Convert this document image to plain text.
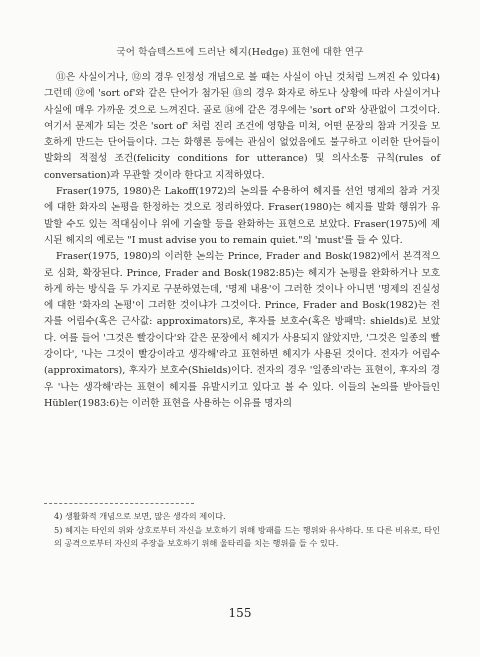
국어 학습텍스트에 드러난 헤지(Hedge) 표현에 대한 연구

⑪은 사실이거나, ⑫의 경우 인정성 개념으로 볼 때는 사실이 아닌 것처럼 느껴진 수 있다4) 그런데 ⑫에 'sort of'와 같은 단어가 첨가된 ⑬의 경우 화자로 하도나 상황에 따라 사실이거나 사실에 매우 가까운 것으로 느껴진다. 골로 ⑭에 같은 경우에는 'sort of'와 상관없이 그것이다. 여기서 문제가 되는 것은 'sort of' 처럼 진리 조건에 영향을 미쳐, 어떤 문장의 참과 거짓을 모호하게 만드는 단어들이다. 그는 화행론 등에는 관심이 없었음에도 불구하고 이러한 단어들이 발화의 적절성 조건(felicity conditions for utterance) 및 의사소통 규칙(rules of conversation)과 무관할 것이라 한다고 지적하였다.

Fraser(1975, 1980)은 Lakoff(1972)의 논의를 수용하여 헤지를 선언 명제의 참과 거짓에 대한 화자의 논평을 한정하는 것으로 정리하였다. Fraser(1980)는 헤지를 발화 행위가 유발할 수도 있는 적대심이나 위에 기술할 등을 완화하는 표현으로 보았다. Fraser(1975)에 제시된 헤지의 예로는 "I must advise you to remain quiet."의 'must'를 들 수 있다.

Fraser(1975, 1980)의 이러한 논의는 Prince, Frader and Bosk(1982)에서 본격적으로 심화, 확장된다. Prince, Frader and Bosk(1982:85)는 헤지가 논평을 완화하거나 모호하게 하는 방식을 두 가지로 구분하였는데, '명제 내용'이 그러한 것이나 아니면 '명제의 진실성에 대한 '화자의 논평'이 그러한 것이냐가 그것이다. Prince, Frader and Bosk(1982)는 전자를 어림수(혹은 근사값: approximators)로, 후자를 보호수(혹은 방패막: shields)로 보았다. 여를 들어 '그것은 빨강이다'와 같은 문장에서 헤지가 사용되지 않았지만, '그것은 일종의 빨강이다', '나는 그것이 빨강이라고 생각해'라고 표현하면 헤지가 사용된 것이다. 전자가 어림수(approximators), 후자가 보호수(Shields)이다. 전자의 경우 '일종의'라는 표현이, 후자의 경우 '나는 생각해'라는 표현이 헤지를 유발시키고 있다고 볼 수 있다. 이들의 논의를 받아들인 Hübler(1983:6)는 이러한 표현을 사용하는 이유를 명자의

4) 생활화적 개념으로 보면, 많은 생각의 제이다.

5) 헤지는 타인의 위와 상호로부터 자신을 보호하기 위해 방패를 드는 행위와 유사하다. 또 다른 비유로, 타인의 공격으로부터 자신의 주장을 보호하기 위해 울타리를 치는 행위를 들 수 있다.

155
